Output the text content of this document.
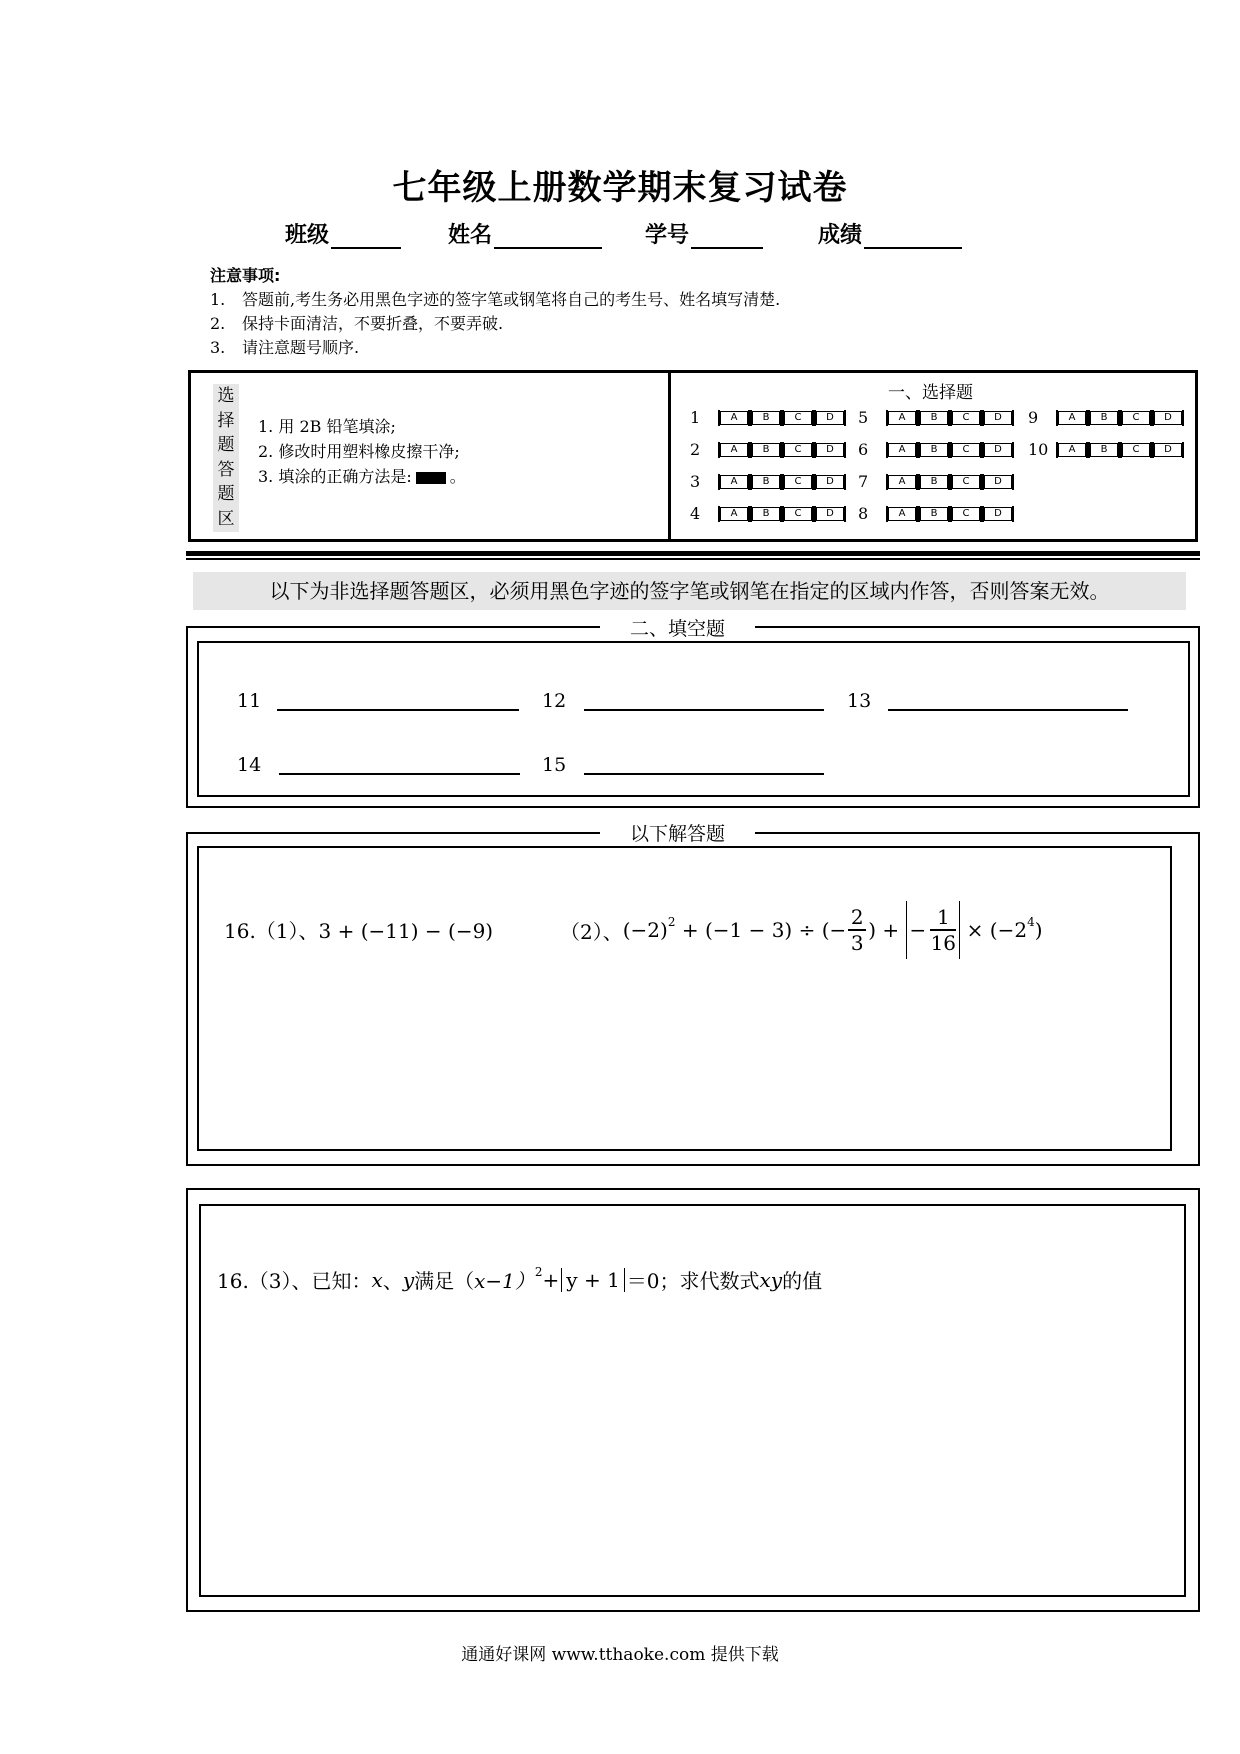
七年级上册数学期末复习试卷
班级	姓名	学号	成绩
注意事项:
1. 答题前,考生务必用黑色字迹的签字笔或钢笔将自己的考生号、姓名填写清楚.
2. 保持卡面清洁，不要折叠，不要弄破.
3. 请注意题号顺序.
选
择
题
答
题
区
1. 用 2B 铅笔填涂;
2. 修改时用塑料橡皮擦干净;
3. 填涂的正确方法是: 。
一、选择题
1	A	B	C	D
2	A	B	C	D
3	A	B	C	D
4	A	B	C	D
5	A	B	C	D
6	A	B	C	D
7	A	B	C	D
8	A	B	C	D
9	A	B	C	D
10	A	B	C	D
以下为非选择题答题区，必须用黑色字迹的签字笔或钢笔在指定的区域内作答，否则答案无效。
二、填空题
11	12	13
14	15
以下解答题
16.（1）、3 + (−11) − (−9)	（2）、 $(-2)^2 + (-1 - 3)$ ÷ (−
2
3
) + −
1
16
× ($-2^4$ )
16.（3）、已知： x 、 y 满足（ x−1）$^2$ + y + 1 ＝0；求代数式 xy 的值
通通好课网 www.tthaoke.com 提供下载
